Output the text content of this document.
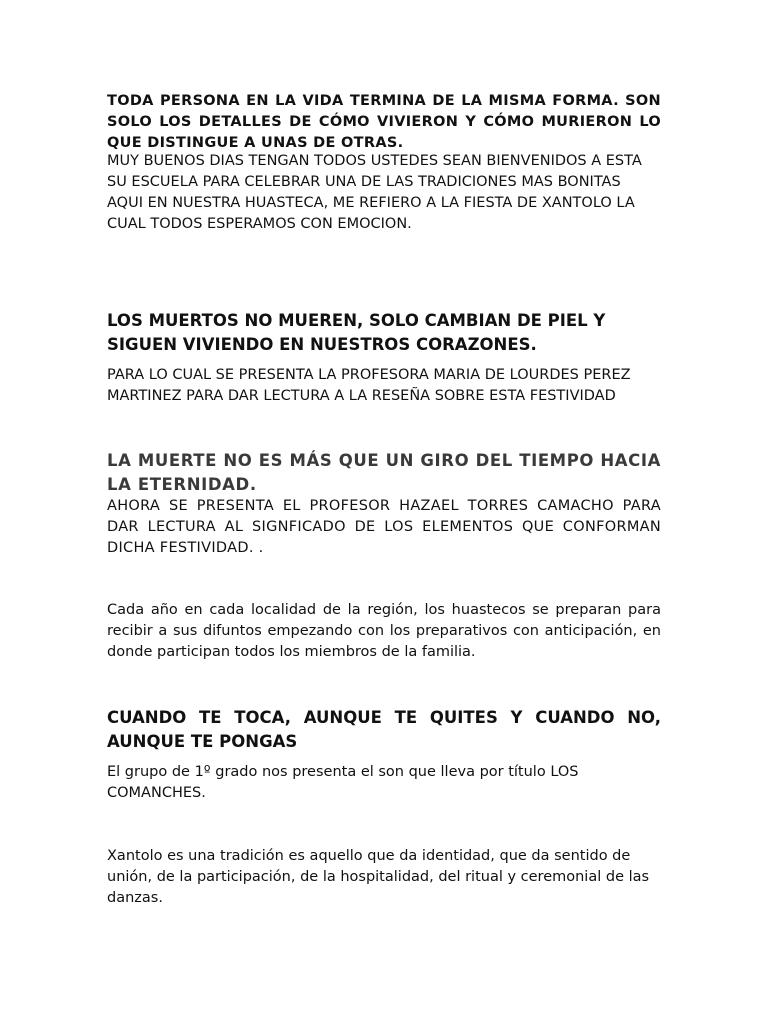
TODA PERSONA EN LA VIDA TERMINA DE LA MISMA FORMA. SON SOLO LOS DETALLES DE CÓMO VIVIERON Y CÓMO MURIERON LO QUE DISTINGUE A UNAS DE OTRAS.

MUY BUENOS DIAS TENGAN TODOS USTEDES SEAN BIENVENIDOS A ESTA SU ESCUELA PARA CELEBRAR UNA DE LAS TRADICIONES MAS BONITAS AQUI EN NUESTRA HUASTECA, ME REFIERO A LA FIESTA DE XANTOLO LA CUAL TODOS ESPERAMOS CON EMOCION.

LOS MUERTOS NO MUEREN, SOLO CAMBIAN DE PIEL Y SIGUEN VIVIENDO EN NUESTROS CORAZONES.

PARA LO CUAL SE PRESENTA LA PROFESORA MARIA DE LOURDES PEREZ MARTINEZ PARA DAR LECTURA A LA RESEÑA SOBRE ESTA FESTIVIDAD

LA MUERTE NO ES MÁS QUE UN GIRO DEL TIEMPO HACIA LA ETERNIDAD.

AHORA SE PRESENTA EL PROFESOR HAZAEL TORRES CAMACHO PARA DAR LECTURA AL SIGNFICADO DE LOS ELEMENTOS QUE CONFORMAN DICHA FESTIVIDAD. .

Cada año en cada localidad de la región, los huastecos se preparan para recibir a sus difuntos empezando con los preparativos con anticipación, en donde participan todos los miembros de la familia.

CUANDO TE TOCA, AUNQUE TE QUITES Y CUANDO NO, AUNQUE TE PONGAS

El grupo de 1º grado nos presenta el son que lleva por título LOS COMANCHES.

Xantolo es una tradición es aquello que da identidad, que da sentido de unión, de la participación, de la hospitalidad, del ritual y ceremonial de las danzas.
